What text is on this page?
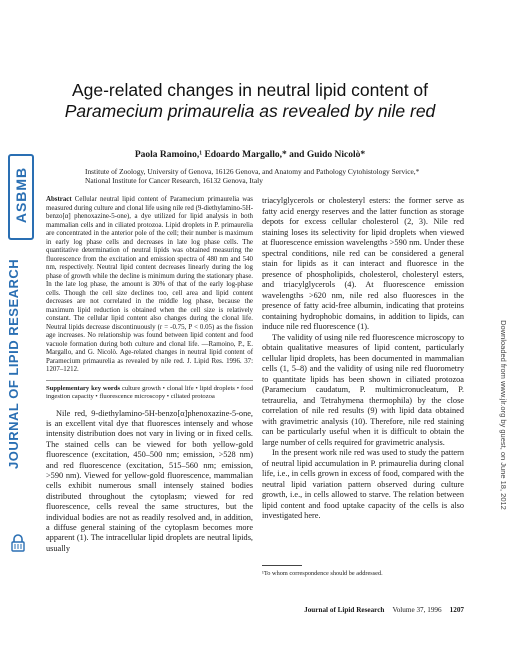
ASBMB
JOURNAL OF LIPID RESEARCH	Downloaded from www.jlr.org by guest, on June 18, 2012
Age-related changes in neutral lipid content of
Paramecium primaurelia as revealed by nile red
Paola Ramoino,¹ Edoardo Margallo,* and Guido Nicolò*
Institute of Zoology, University of Genova, 16126 Genova, and Anatomy and Pathology Cytohistology Service,* National Institute for Cancer Research, 16132 Genova, Italy
Abstract Cellular neutral lipid content of Paramecium primaurelia was measured during culture and clonal life using nile red (9-diethylamino-5H-benzo[α] phenoxazine-5-one), a dye utilized for lipid analysis in both mammalian cells and in ciliated protozoa. Lipid droplets in P. primaurelia are concentrated in the anterior pole of the cell; their number is maximum in early log phase cells and decreases in late log phase cells. The quantitative determination of neutral lipids was obtained measuring the fluorescence from the excitation and emission spectra of 480 nm and 540 nm, respectively. Neutral lipid content decreases linearly during the log phase of growth while the decline is minimum during the stationary phase. In the late log phase, the amount is 30% of that of the early log-phase cells. Though the cell size declines too, cell area and lipid content decreases are not correlated in the middle log phase, because the maximum lipid reduction is obtained when the cell size is relatively constant. The cellular lipid content also changes during the clonal life. Neutral lipids decrease discontinuously (r = -0.75, P < 0.05) as the fission age increases. No relationship was found between lipid content and food vacuole formation during both culture and clonal life. —Ramoino, P., E. Margallo, and G. Nicolò. Age-related changes in neutral lipid content of Paramecium primaurelia as revealed by nile red. J. Lipid Res. 1996. 37: 1207–1212.
Supplementary key words culture growth • clonal life • lipid droplets • food ingestion capacity • fluorescence microscopy • ciliated protozoa

Nile red, 9-diethylamino-5H-benzo[α]phenoxazine-5-one, is an excellent vital dye that fluoresces intensely and whose intensity distribution does not vary in living or in fixed cells. The stained cells can be viewed for both yellow-gold fluorescence (excitation, 450–500 nm; emission, >528 nm) and red fluorescence (excitation, 515–560 nm; emission, >590 nm). Viewed for yellow-gold fluorescence, mammalian cells exhibit numerous small intensely stained bodies distributed throughout the cytoplasm; viewed for red fluorescence, cells reveal the same structures, but the individual bodies are not as readily resolved and, in addition, a diffuse general staining of the cytoplasm becomes more apparent (1). The intracellular lipid droplets are neutral lipids, usually

triacylglycerols or cholesteryl esters: the former serve as fatty acid energy reserves and the latter function as storage depots for excess cellular cholesterol (2, 3). Nile red staining loses its selectivity for lipid droplets when viewed at fluorescence emission wavelengths >590 nm. Under these spectral conditions, nile red can be considered a general stain for lipids as it can interact and fluoresce in the presence of phospholipids, cholesterol, cholesteryl esters, and triacylglycerols (4). At fluorescence emission wavelengths >620 nm, nile red also fluoresces in the presence of fatty acid-free albumin, indicating that proteins containing hydrophobic domains, in addition to lipids, can induce nile red fluorescence (1).

The validity of using nile red fluorescence microscopy to obtain qualitative measures of lipid content, particularly cellular lipid droplets, has been documented in mammalian cells (1, 5–8) and the validity of using nile red fluorometry to quantitate lipids has been shown in ciliated protozoa (Paramecium caudatum, P. multimicronucleatum, P. tetraurelia, and Tetrahymena thermophila) by the close correlation of nile red results (9) with lipid data obtained with gravimetric analysis (10). Therefore, nile red staining can be particularly useful when it is difficult to obtain the large number of cells required for gravimetric analysis.

In the present work nile red was used to study the pattern of neutral lipid accumulation in P. primaurelia during clonal life, i.e., in cells grown in excess of food, compared with the neutral lipid variation pattern observed during culture growth, i.e., in cells allowed to starve. The relation between lipid content and food uptake capacity of the cells is also investigated here.

¹To whom correspondence should be addressed.
Journal of Lipid Research Volume 37, 1996 1207
